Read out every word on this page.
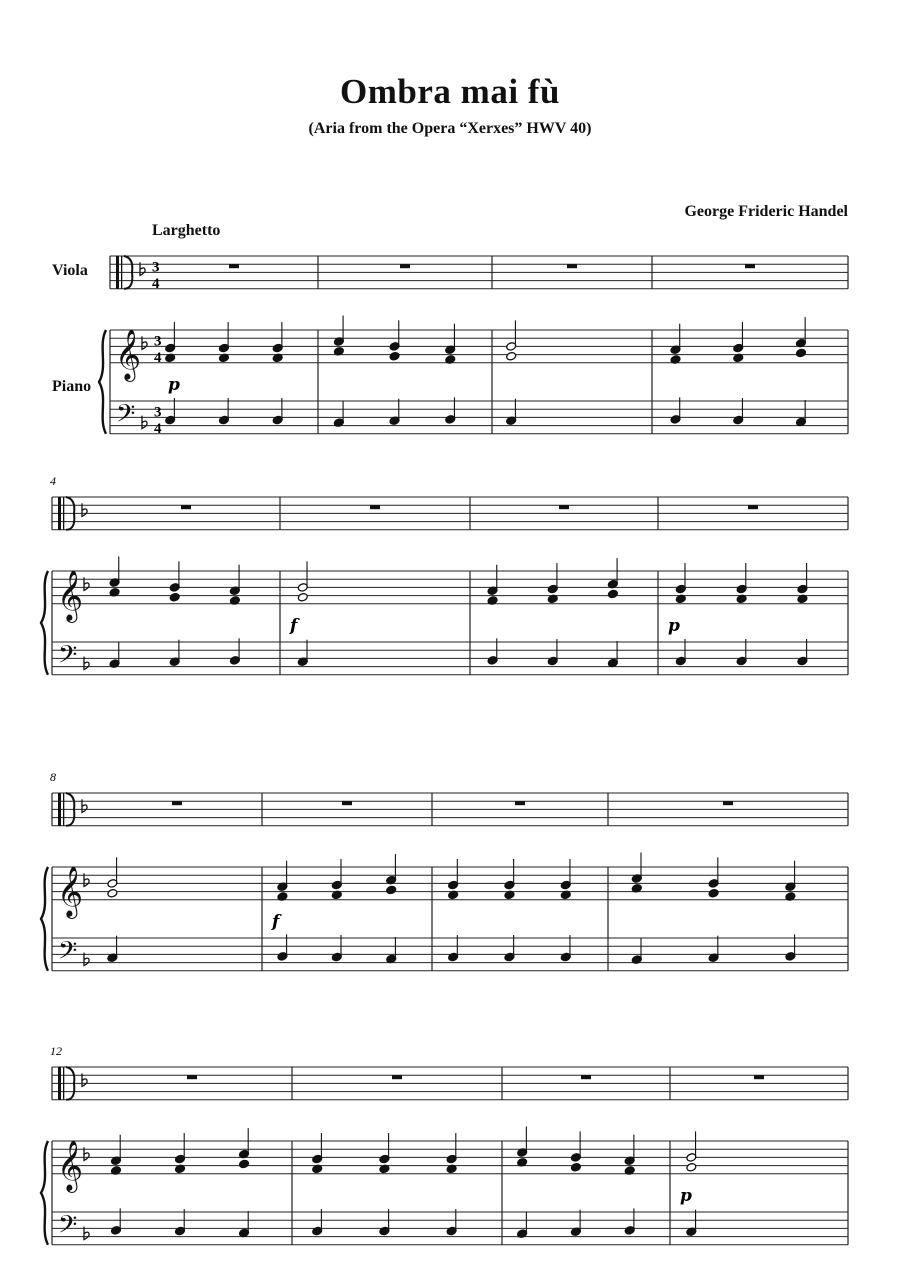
Ombra mai fù
(Aria from the Opera “Xerxes” HWV 40)
George Frideric Handel
Larghetto
Viola
Piano
𝄞
𝄢
3
4
3
4
3
4
p
𝄞
𝄢
4
f	p
𝄞
𝄢
8
f
𝄞
𝄢
12
p
